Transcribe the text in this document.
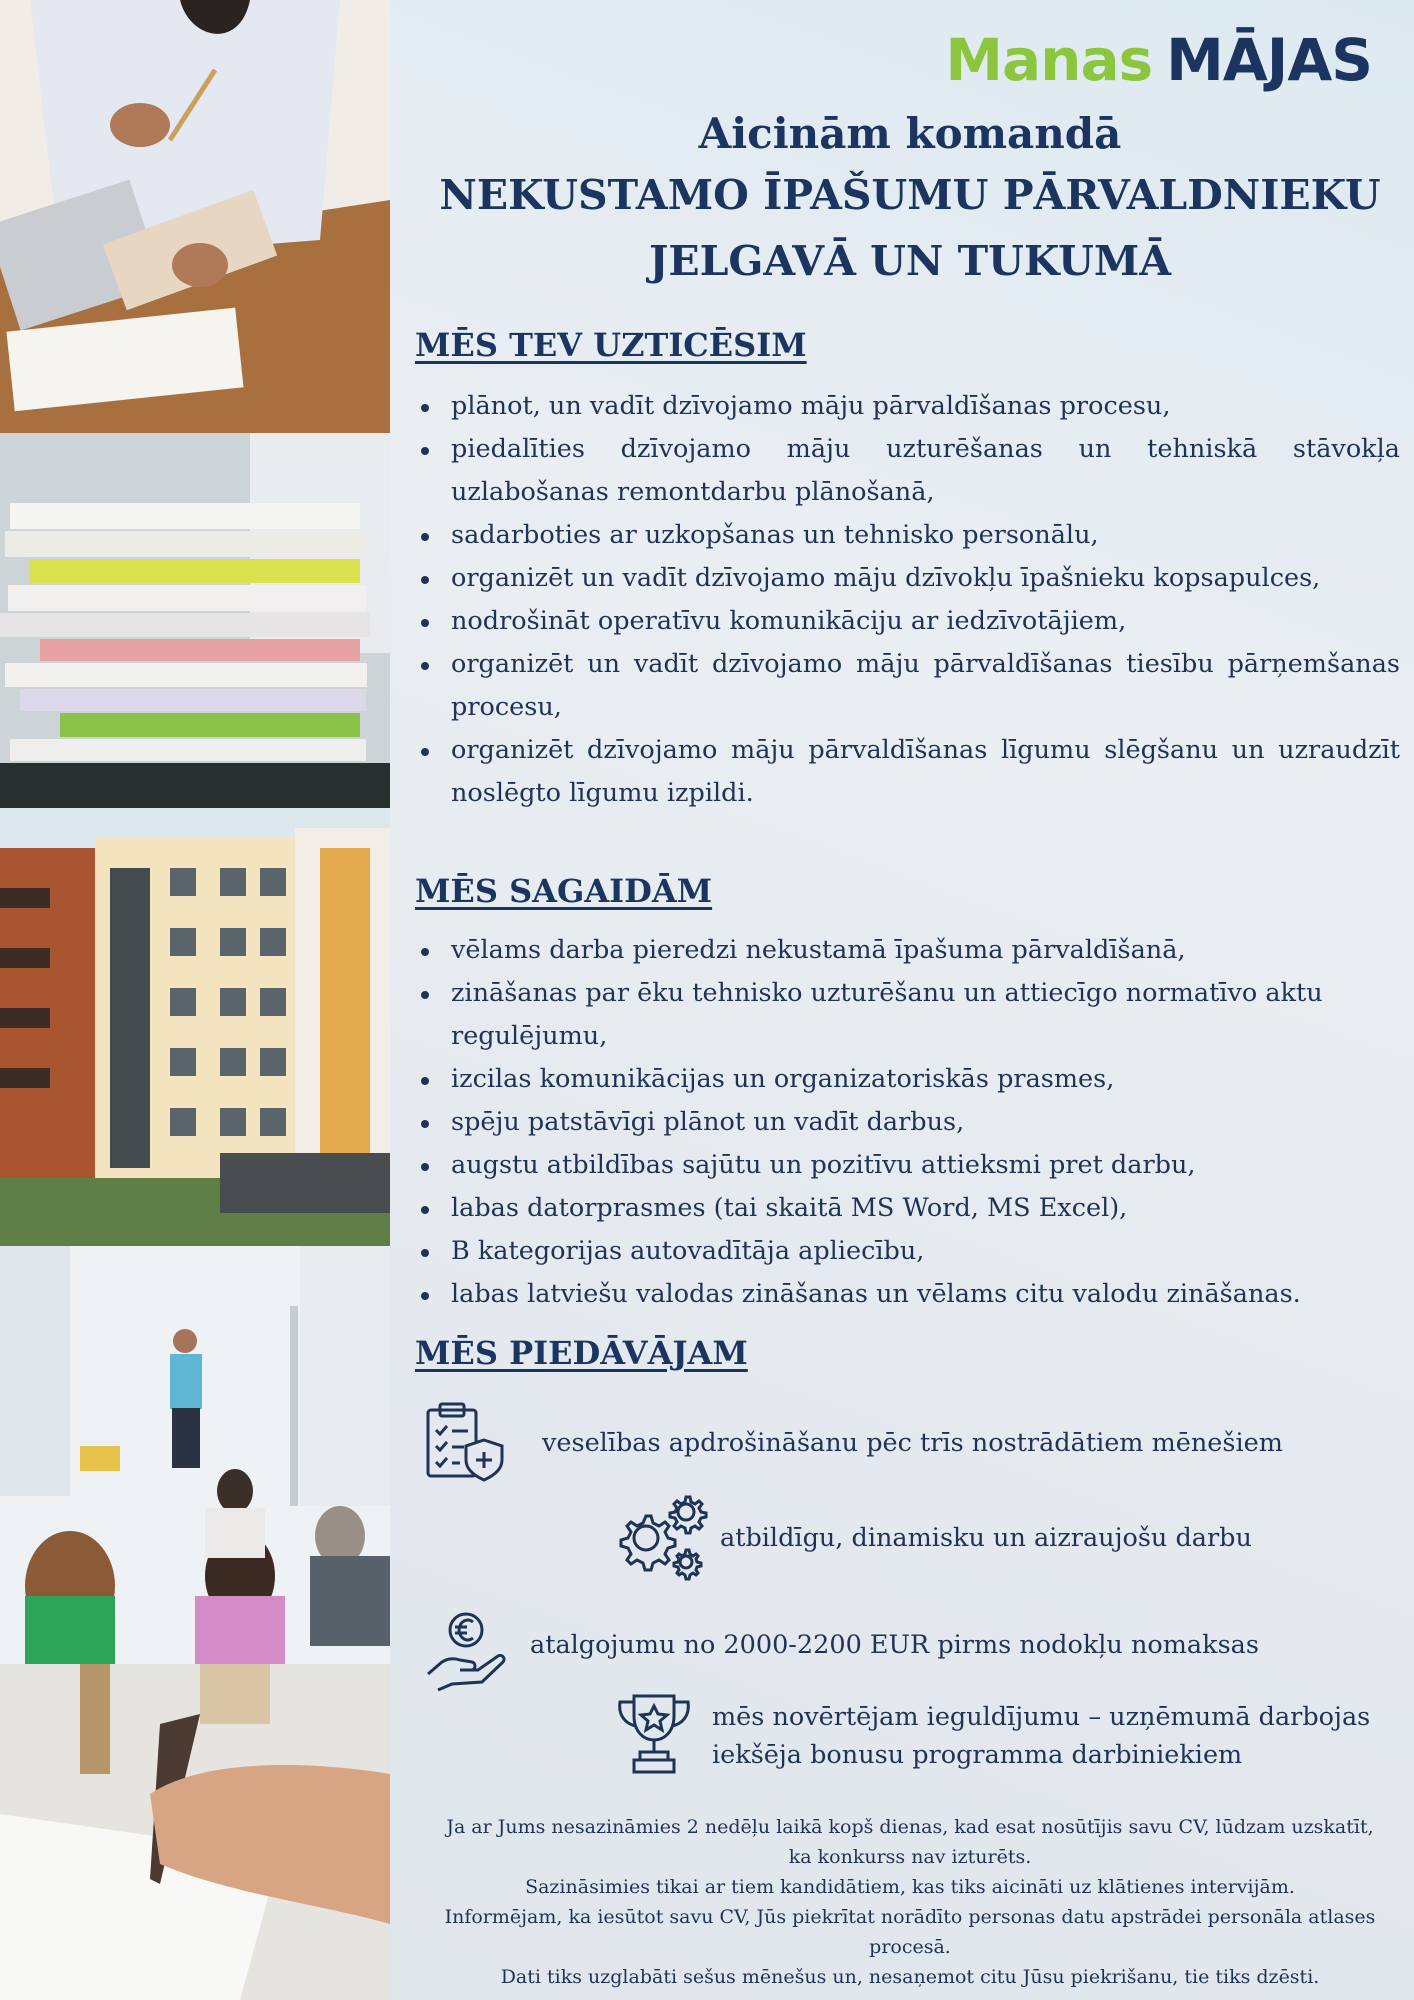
Manas MĀJAS
Aicinām komandā
NEKUSTAMO ĪPAŠUMU PĀRVALDNIEKU
JELGAVĀ UN TUKUMĀ
MĒS TEV UZTICĒSIM
plānot, un vadīt dzīvojamo māju pārvaldīšanas procesu,
piedalīties dzīvojamo māju uzturēšanas un tehniskā stāvokļa uzlabošanas remontdarbu plānošanā,
sadarboties ar uzkopšanas un tehnisko personālu,
organizēt un vadīt dzīvojamo māju dzīvokļu īpašnieku kopsapulces,
nodrošināt operatīvu komunikāciju ar iedzīvotājiem,
organizēt un vadīt dzīvojamo māju pārvaldīšanas tiesību pārņemšanas procesu,
organizēt dzīvojamo māju pārvaldīšanas līgumu slēgšanu un uzraudzīt noslēgto līgumu izpildi.
MĒS SAGAIDĀM
vēlams darba pieredzi nekustamā īpašuma pārvaldīšanā,
zināšanas par ēku tehnisko uzturēšanu un attiecīgo normatīvo aktu regulējumu,
izcilas komunikācijas un organizatoriskās prasmes,
spēju patstāvīgi plānot un vadīt darbus,
augstu atbildības sajūtu un pozitīvu attieksmi pret darbu,
labas datorprasmes (tai skaitā MS Word, MS Excel),
B kategorijas autovadītāja apliecību,
labas latviešu valodas zināšanas un vēlams citu valodu zināšanas.
MĒS PIEDĀVĀJAM
veselības apdrošināšanu pēc trīs nostrādātiem mēnešiem
atbildīgu, dinamisku un aizraujošu darbu
atalgojumu no 2000-2200 EUR pirms nodokļu nomaksas
mēs novērtējam ieguldījumu – uzņēmumā darbojas
iekšēja bonusu programma darbiniekiem
Ja ar Jums nesazināmies 2 nedēļu laikā kopš dienas, kad esat nosūtījis savu CV, lūdzam uzskatīt,
ka konkurss nav izturēts.
Sazināsimies tikai ar tiem kandidātiem, kas tiks aicināti uz klātienes intervijām.
Informējam, ka iesūtot savu CV, Jūs piekrītat norādīto personas datu apstrādei personāla atlases
procesā.
Dati tiks uzglabāti sešus mēnešus un, nesaņemot citu Jūsu piekrišanu, tie tiks dzēsti.
